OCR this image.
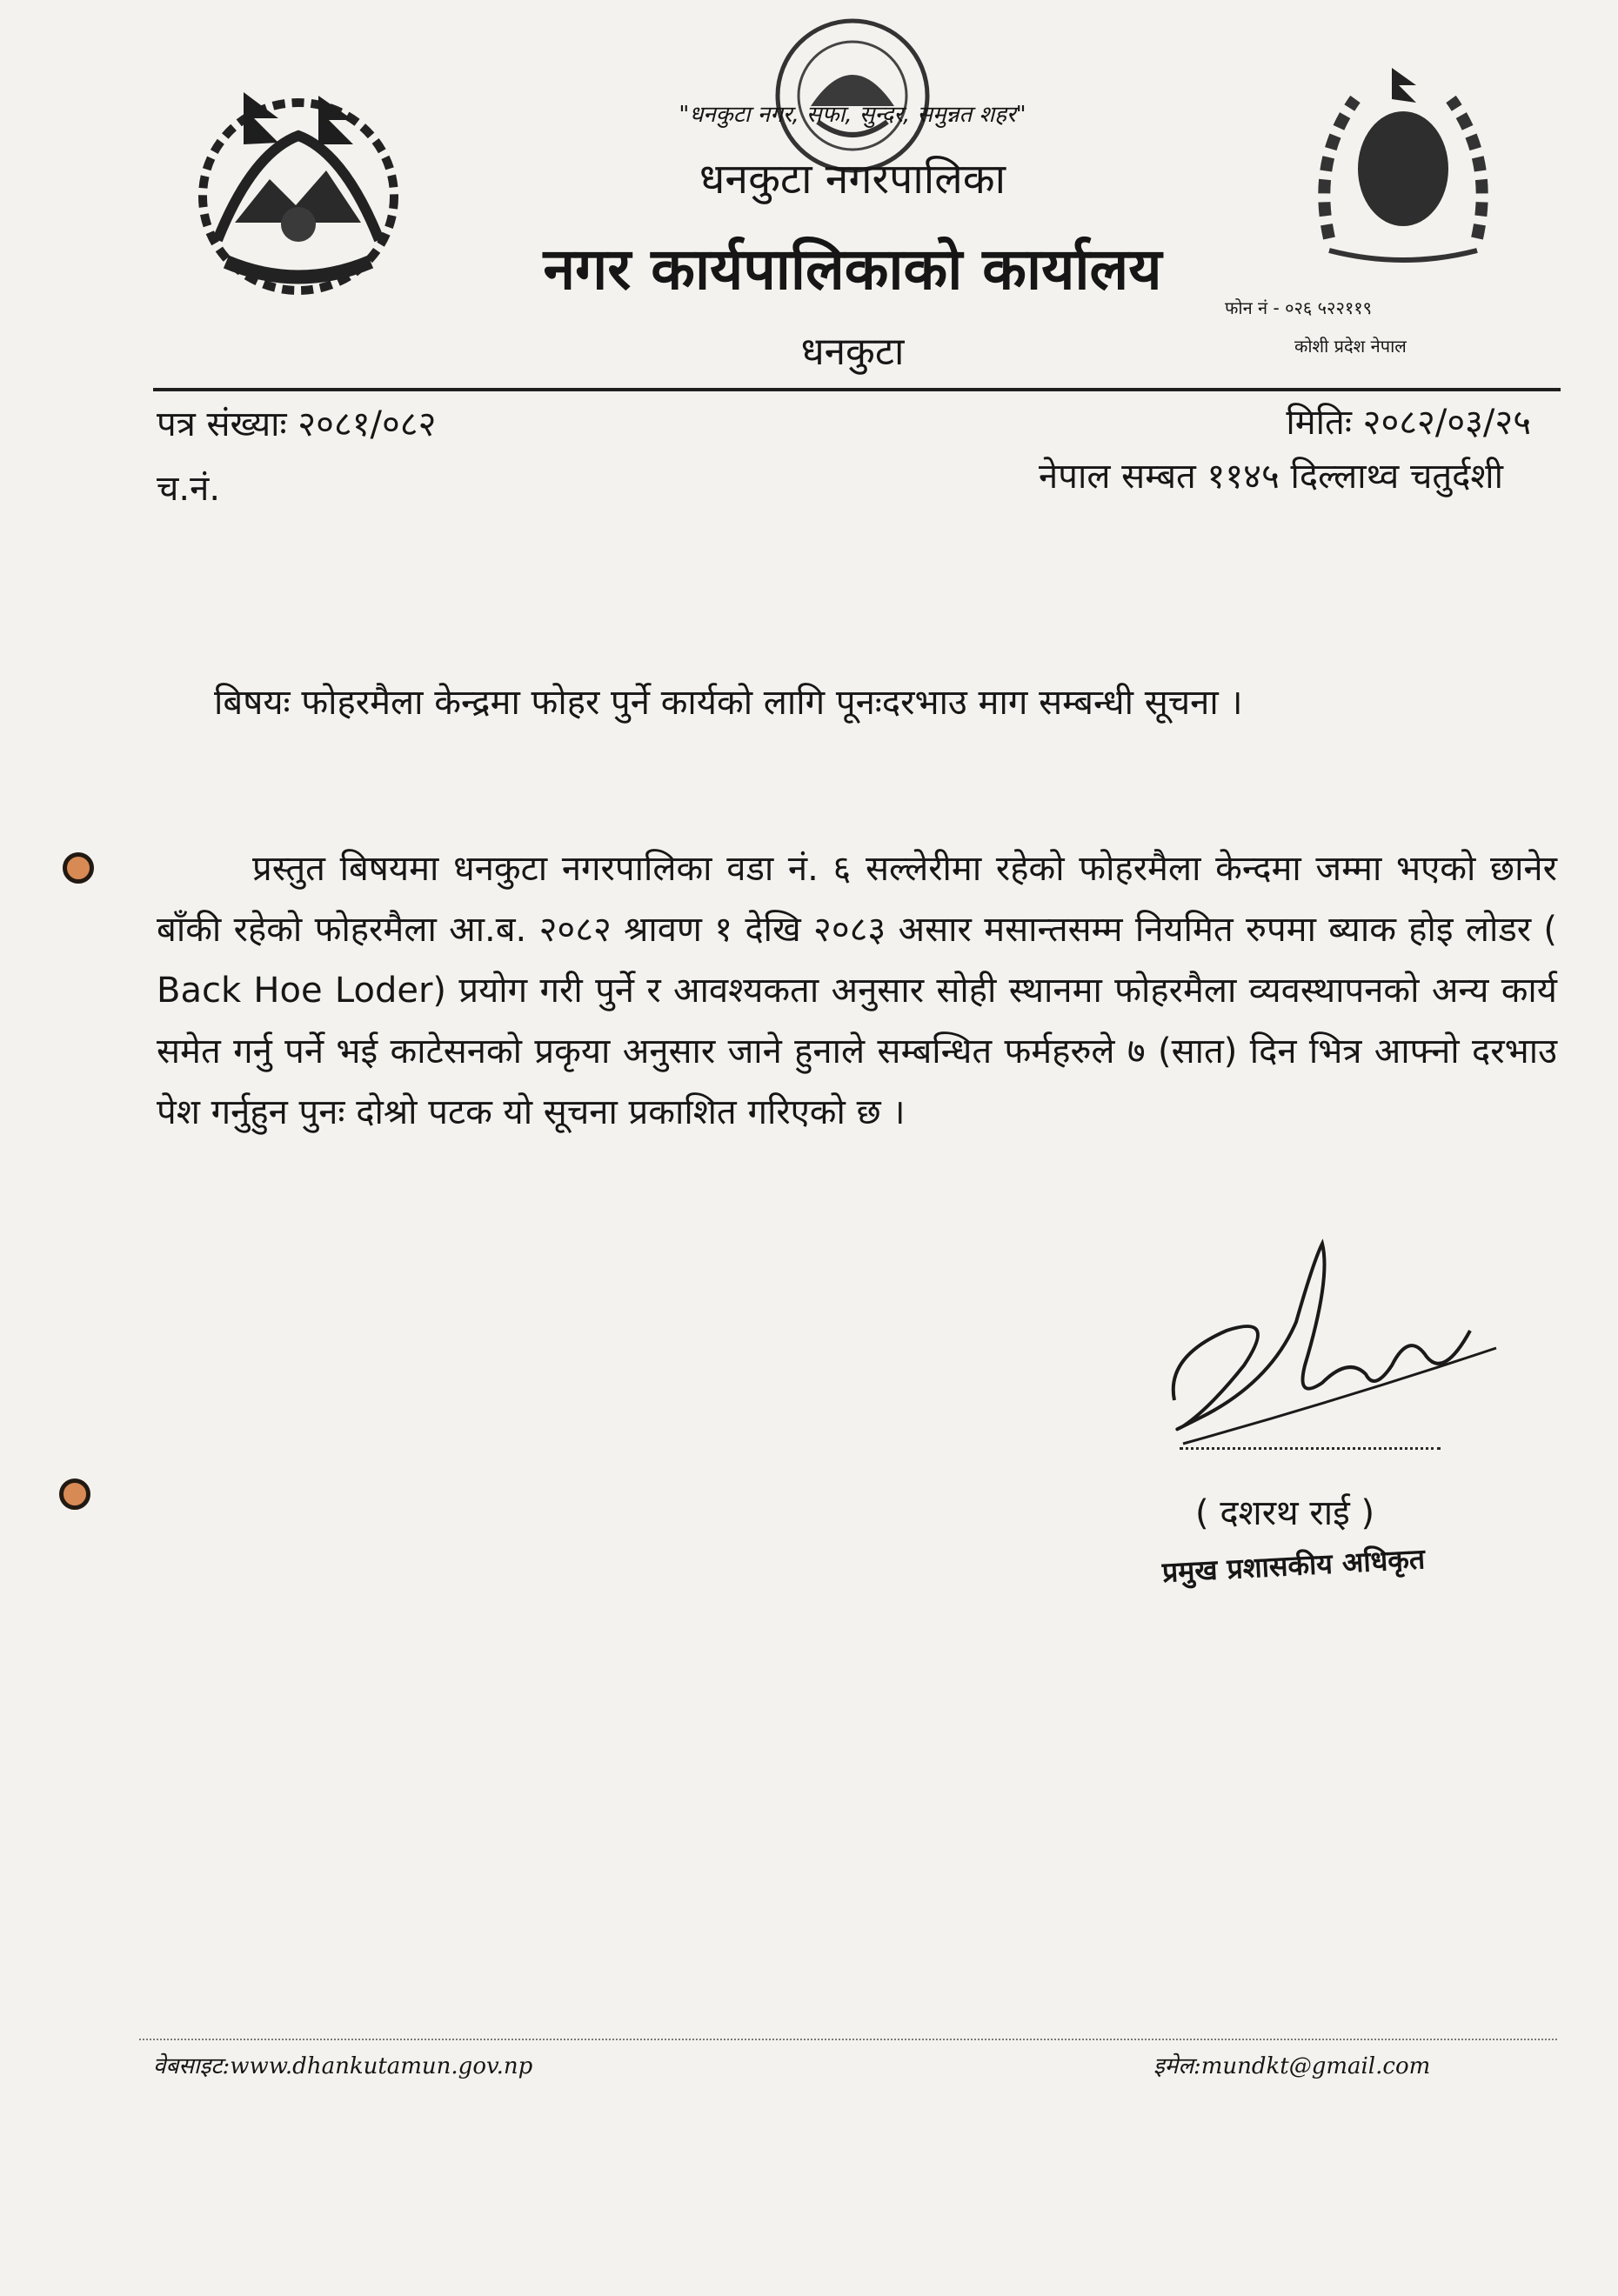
"धनकुटा नगर, सफा, सुन्दर, समुन्नत शहर"
धनकुटा नगरपालिका
नगर कार्यपालिकाको कार्यालय
धनकुटा
फोन नं - ०२६ ५२२११९
कोशी प्रदेश नेपाल
पत्र संख्याः २०८१/०८२
च.नं.
मितिः २०८२/०३/२५
नेपाल सम्बत ११४५ दिल्लाथ्व चतुर्दशी
बिषयः फोहरमैला केन्द्रमा फोहर पुर्ने कार्यको लागि पूनःदरभाउ माग सम्बन्धी सूचना ।

प्रस्तुत बिषयमा धनकुटा नगरपालिका वडा नं. ६ सल्लेरीमा रहेको फोहरमैला केन्दमा जम्मा भएको छानेर बाँकी रहेको फोहरमैला आ.ब. २०८२ श्रावण १ देखि २०८३ असार मसान्तसम्म नियमित रुपमा ब्याक होइ लोडर ( Back Hoe Loder) प्रयोग गरी पुर्ने र आवश्यकता अनुसार सोही स्थानमा फोहरमैला व्यवस्थापनको अन्य कार्य समेत गर्नु पर्ने भई काटेसनको प्रकृया अनुसार जाने हुनाले सम्बन्धित फर्महरुले ७ (सात) दिन भित्र आफ्नो दरभाउ पेश गर्नुहुन पुनः दोश्रो पटक यो सूचना प्रकाशित गरिएको छ ।

( दशरथ राई )
प्रमुख प्रशासकीय अधिकृत
वेबसाइट:www.dhankutamun.gov.np	इमेल:mundkt@gmail.com
